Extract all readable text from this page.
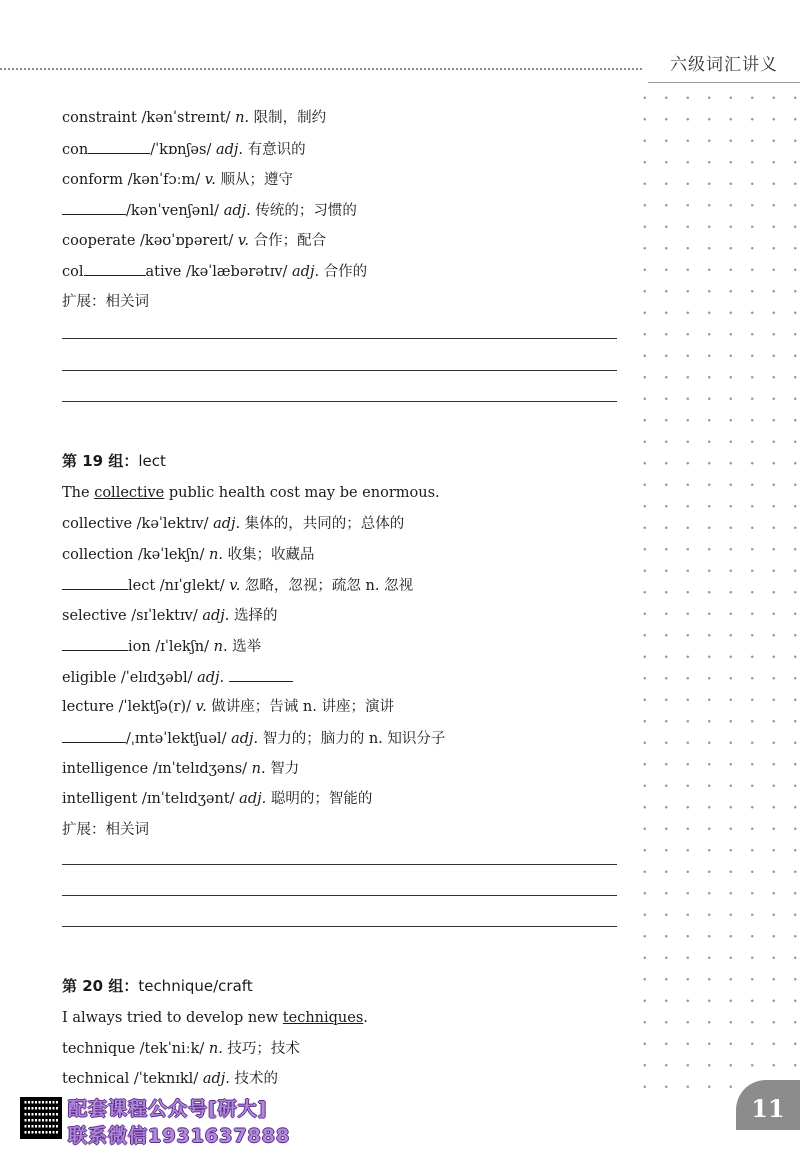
六级词汇讲义
constraint /kənˈstreɪnt/ n. 限制，制约
con	/ˈkɒnʃəs/ adj. 有意识的
conform /kənˈfɔːm/ v. 顺从；遵守
/kənˈvenʃənl/ adj. 传统的；习惯的
cooperate /kəʊˈɒpəreɪt/ v. 合作；配合
col	ative /kəˈlæbərətɪv/ adj. 合作的
扩展：相关词
第 19 组：lect
The collective public health cost may be enormous.
collective /kəˈlektɪv/ adj. 集体的，共同的；总体的
collection /kəˈlekʃn/ n. 收集；收藏品
lect /nɪˈglekt/ v. 忽略，忽视；疏忽 n. 忽视
selective /sɪˈlektɪv/ adj. 选择的
ion /ɪˈlekʃn/ n. 选举
eligible /ˈelɪdʒəbl/ adj.
lecture /ˈlektʃə(r)/ v. 做讲座；告诫 n. 讲座；演讲
/ˌɪntəˈlektʃuəl/ adj. 智力的；脑力的 n. 知识分子
intelligence /ɪnˈtelɪdʒəns/ n. 智力
intelligent /ɪnˈtelɪdʒənt/ adj. 聪明的；智能的
扩展：相关词
第 20 组：technique/craft
I always tried to develop new techniques.
technique /tekˈniːk/ n. 技巧；技术
technical /ˈteknɪkl/ adj. 技术的
配套课程公众号[研大]
联系微信1931637888
11
